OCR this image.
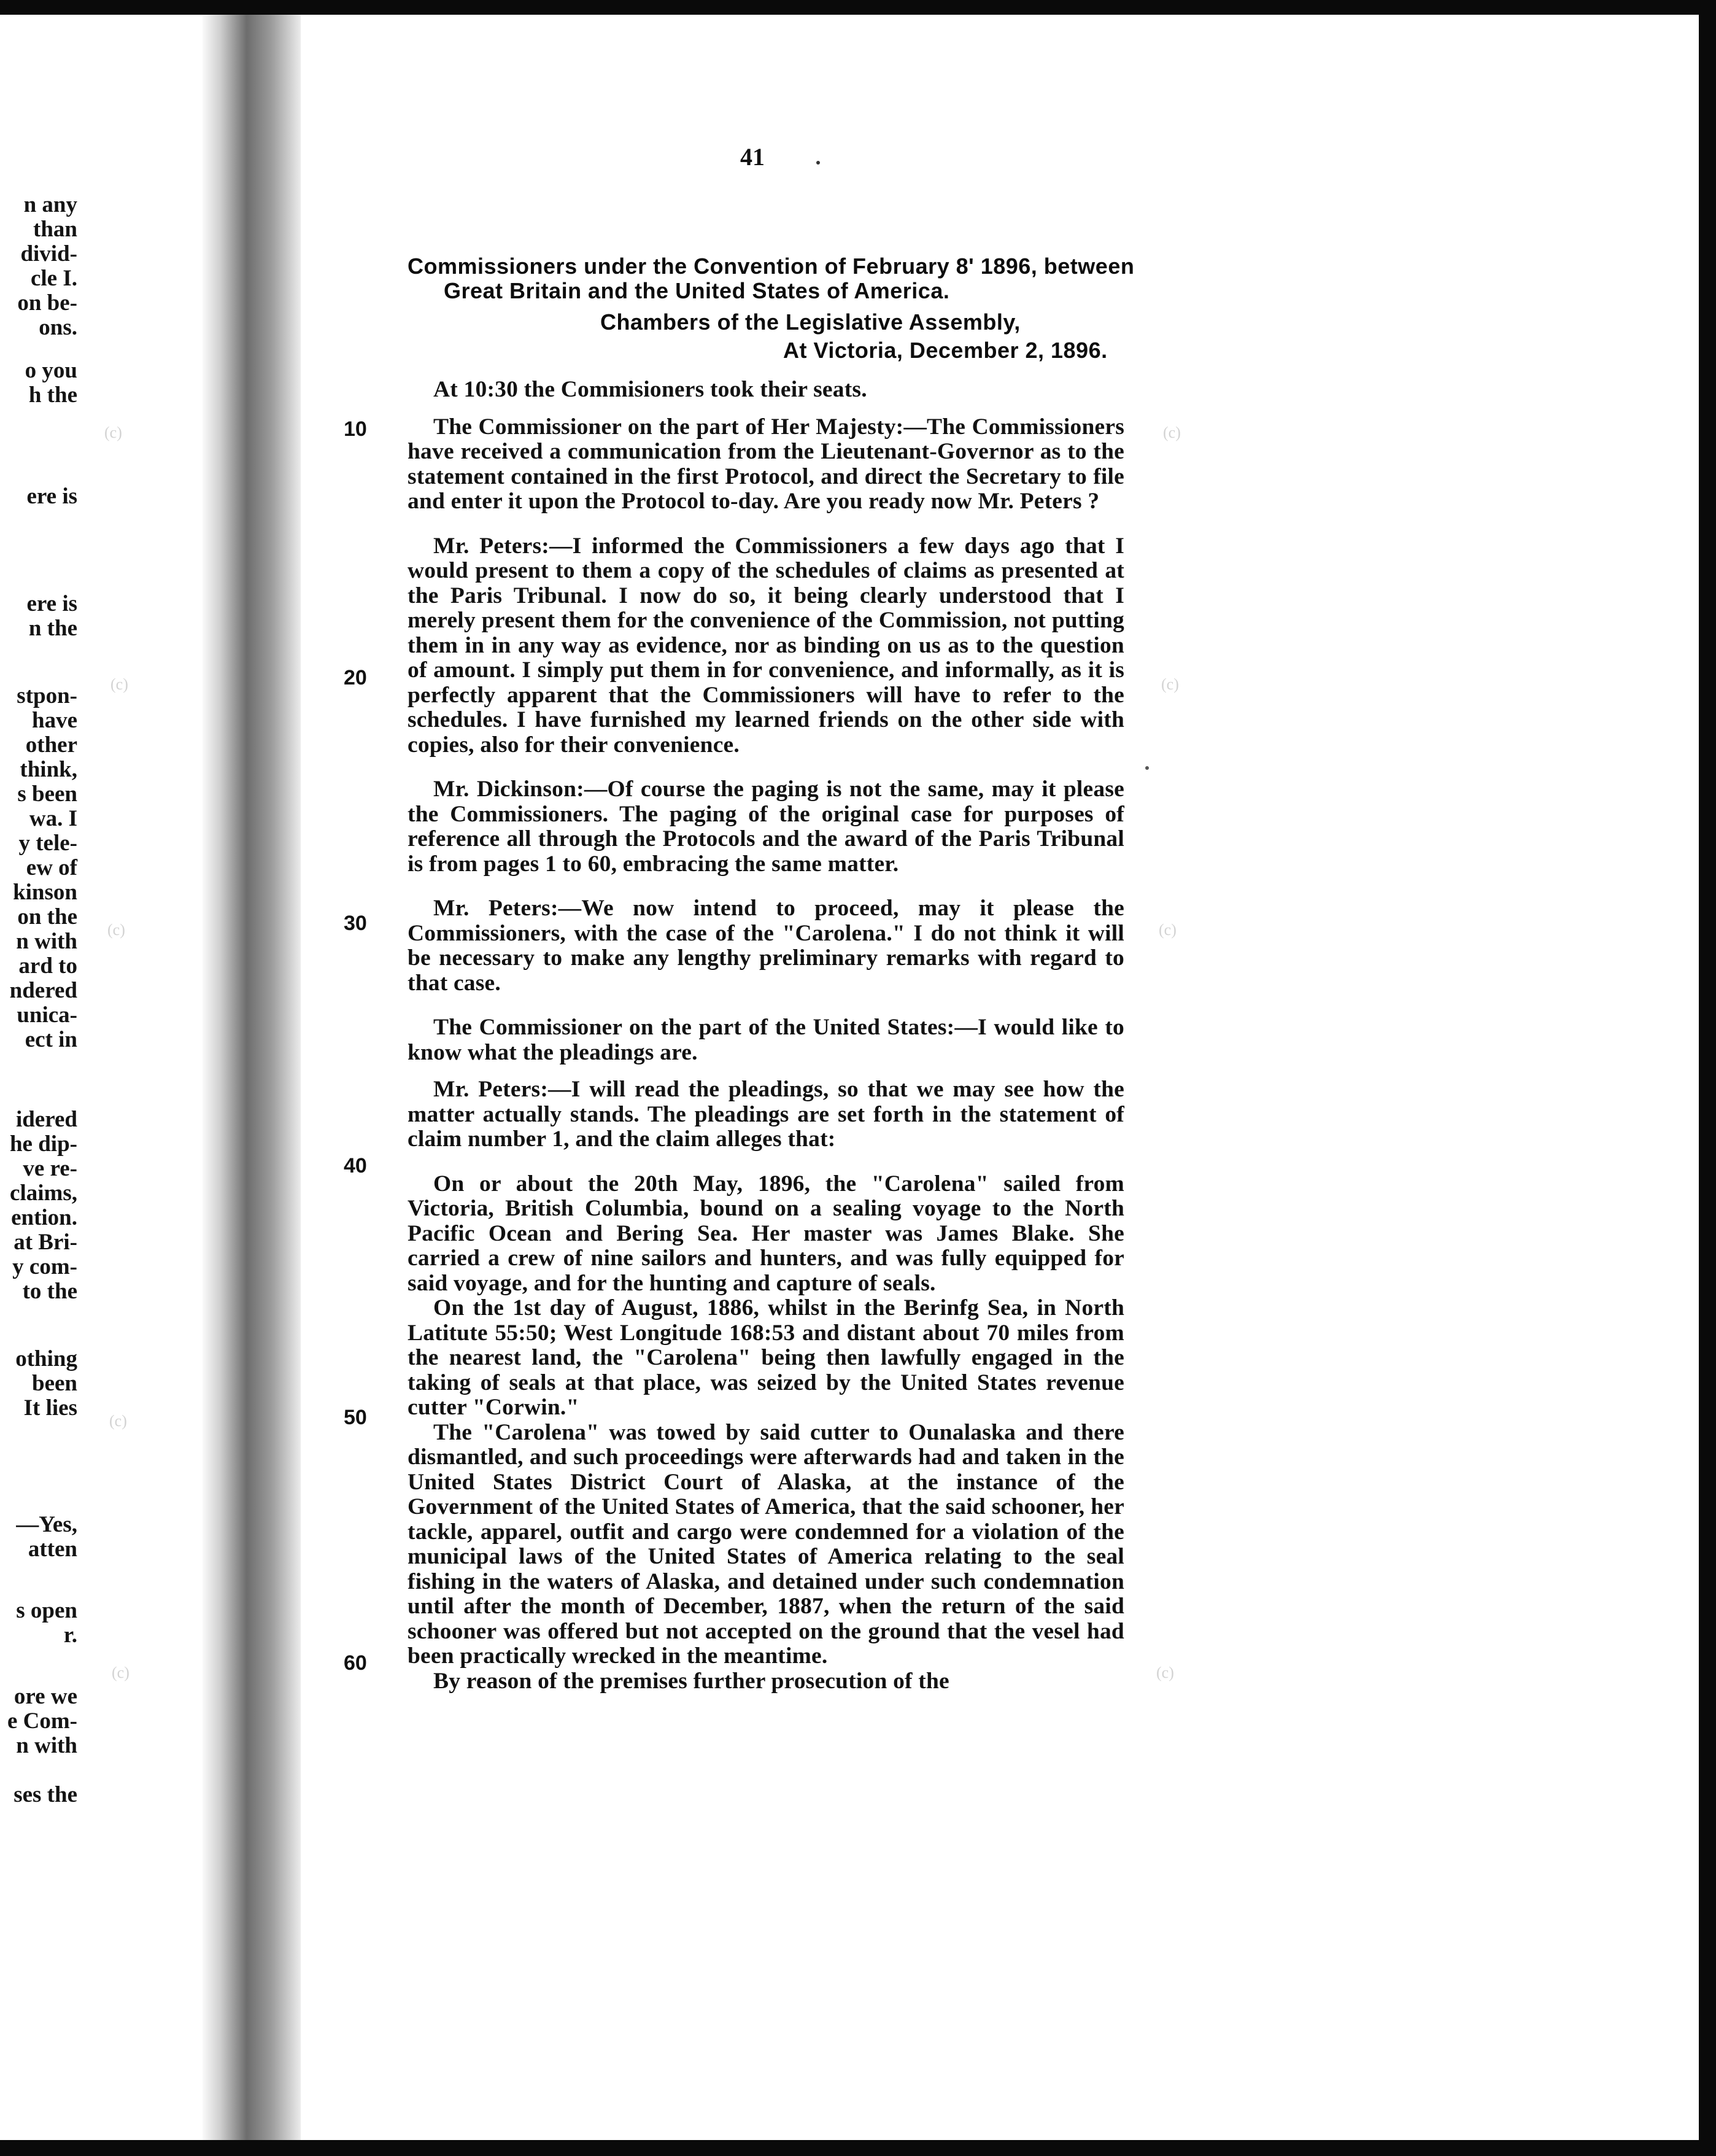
n any
than
divid-
cle I.
on be-
ons.
o you
h the
ere is
ere is
n the
stpon-
have
other
think,
s been
wa. I
y tele-
ew of
kinson
on the
n with
ard to
ndered
unica-
ect in
idered
he dip-
ve re-
claims,
ention.
at Bri-
y com-
to the
othing
been
It lies
—Yes,
atten
s open
r.
ore we
e Com-
n with
ses the
(c)
(c)
(c)
(c)
(c)
(c)
(c)
(c)
(c)
41
Commissioners under the Convention of February 8' 1896, between
Great Britain and the United States of America.
Chambers of the Legislative Assembly,
At Victoria, December 2, 1896.
10
20
30
40
50
60

At 10:30 the Commisioners took their seats.

The Commissioner on the part of Her Majesty:—The Commissioners have received a communication from the Lieutenant-Governor as to the statement contained in the first Protocol, and direct the Secretary to file and enter it upon the Protocol to-day. Are you ready now Mr. Peters ?

Mr. Peters:—I informed the Commissioners a few days ago that I would present to them a copy of the schedules of claims as presented at the Paris Tribunal. I now do so, it being clearly understood that I merely present them for the convenience of the Commission, not putting them in in any way as evidence, nor as binding on us as to the question of amount. I simply put them in for convenience, and informally, as it is perfectly apparent that the Commissioners will have to refer to the schedules. I have furnished my learned friends on the other side with copies, also for their convenience.

Mr. Dickinson:—Of course the paging is not the same, may it please the Commissioners. The paging of the original case for purposes of reference all through the Protocols and the award of the Paris Tribunal is from pages 1 to 60, embracing the same matter.

Mr. Peters:—We now intend to proceed, may it please the Commissioners, with the case of the "Carolena." I do not think it will be necessary to make any lengthy preliminary remarks with regard to that case.

The Commissioner on the part of the United States:—I would like to know what the pleadings are.

Mr. Peters:—I will read the pleadings, so that we may see how the matter actually stands. The pleadings are set forth in the statement of claim number 1, and the claim alleges that:

On or about the 20th May, 1896, the "Carolena" sailed from Victoria, British Columbia, bound on a sealing voyage to the North Pacific Ocean and Bering Sea. Her master was James Blake. She carried a crew of nine sailors and hunters, and was fully equipped for said voyage, and for the hunting and capture of seals.

On the 1st day of August, 1886, whilst in the Berinfg Sea, in North Latitute 55:50; West Longitude 168:53 and distant about 70 miles from the nearest land, the "Carolena" being then lawfully engaged in the taking of seals at that place, was seized by the United States revenue cutter "Corwin."

The "Carolena" was towed by said cutter to Ounalaska and there dismantled, and such proceedings were afterwards had and taken in the United States District Court of Alaska, at the instance of the Government of the United States of America, that the said schooner, her tackle, apparel, outfit and cargo were condemned for a violation of the municipal laws of the United States of America relating to the seal fishing in the waters of Alaska, and detained under such condemnation until after the month of December, 1887, when the return of the said schooner was offered but not accepted on the ground that the vesel had been practically wrecked in the meantime.

By reason of the premises further prosecution of the
